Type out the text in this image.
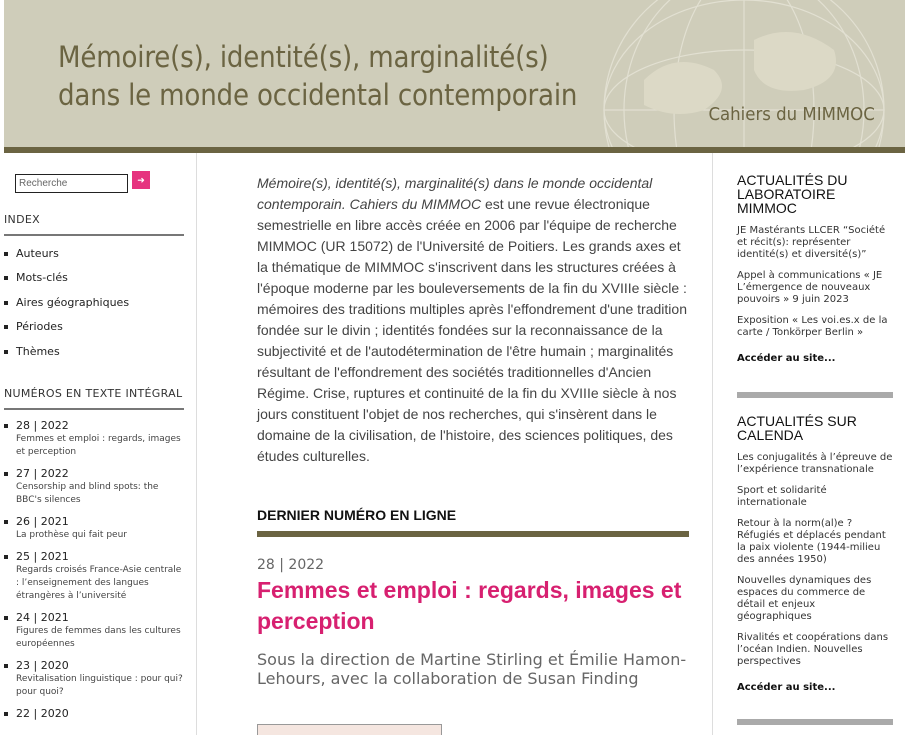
Mémoire(s), identité(s), marginalité(s)
dans le monde occidental contemporain
Cahiers du MIMMOC
Recherche
➜
INDEX
Auteurs
Mots-clés
Aires géographiques
Périodes
Thèmes
NUMÉROS EN TEXTE INTÉGRAL
28 | 2022
Femmes et emploi : regards, images et perception
27 | 2022
Censorship and blind spots: the BBC's silences
26 | 2021
La prothèse qui fait peur
25 | 2021
Regards croisés France-Asie centrale : l’enseignement des langues étrangères à l’université
24 | 2021
Figures de femmes dans les cultures européennes
23 | 2020
Revitalisation linguistique : pour qui? pour quoi?
22 | 2020

Mémoire(s), identité(s), marginalité(s) dans le monde occidental contemporain. Cahiers du MIMMOC est une revue électronique semestrielle en libre accès créée en 2006 par l'équipe de recherche MIMMOC (UR 15072) de l'Université de Poitiers. Les grands axes et la thématique de MIMMOC s'inscrivent dans les structures créées à l'époque moderne par les bouleversements de la fin du XVIIIe siècle : mémoires des traditions multiples après l'effondrement d'une tradition fondée sur le divin ; identités fondées sur la reconnaissance de la subjectivité et de l'autodétermination de l'être humain ; marginalités résultant de l'effondrement des sociétés traditionnelles d'Ancien Régime. Crise, ruptures et continuité de la fin du XVIIIe siècle à nos jours constituent l'objet de nos recherches, qui s'insèrent dans le domaine de la civilisation, de l'histoire, des sciences politiques, des études culturelles.

DERNIER NUMÉRO EN LIGNE
28 | 2022
Femmes et emploi : regards, images et perception
Sous la direction de Martine Stirling et Émilie Hamon-Lehours, avec la collaboration de Susan Finding
ACTUALITÉS DU LABORATOIRE MIMMOC
JE Mastérants LLCER “Société et récit(s): représenter identité(s) et diversité(s)”
Appel à communications « JE L’émergence de nouveaux pouvoirs » 9 juin 2023
Exposition « Les voi.es.x de la carte / Tonkörper Berlin »
Accéder au site...
ACTUALITÉS SUR CALENDA
Les conjugalités à l’épreuve de l’expérience transnationale
Sport et solidarité internationale
Retour à la norm(al)e ? Réfugiés et déplacés pendant la paix violente (1944-milieu des années 1950)
Nouvelles dynamiques des espaces du commerce de détail et enjeux géographiques
Rivalités et coopérations dans l’océan Indien. Nouvelles perspectives
Accéder au site...
